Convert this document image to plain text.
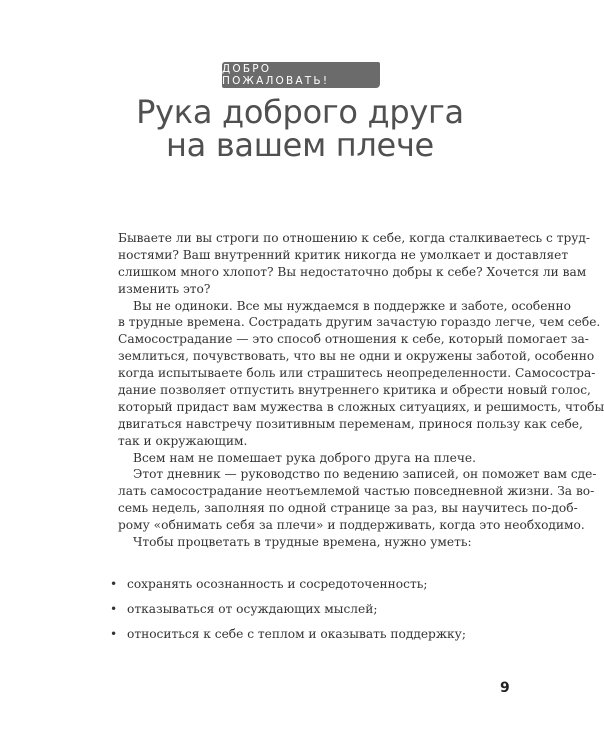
ДОБРО ПОЖАЛОВАТЬ!
Рука доброго друга
на вашем плече
Бываете ли вы строги по отношению к себе, когда сталкиваетесь с труд-
ностями? Ваш внутренний критик никогда не умолкает и доставляет
слишком много хлопот? Вы недостаточно добры к себе? Хочется ли вам
изменить это?
Вы не одиноки. Все мы нуждаемся в поддержке и заботе, особенно
в трудные времена. Сострадать другим зачастую гораздо легче, чем себе.
Самосострадание — это способ отношения к себе, который помогает за-
землиться, почувствовать, что вы не одни и окружены заботой, особенно
когда испытываете боль или страшитесь неопределенности. Самосостра-
дание позволяет отпустить внутреннего критика и обрести новый голос,
который придаст вам мужества в сложных ситуациях, и решимость, чтобы
двигаться навстречу позитивным переменам, принося пользу как себе,
так и окружающим.
Всем нам не помешает рука доброго друга на плече.
Этот дневник — руководство по ведению записей, он поможет вам сде-
лать самосострадание неотъемлемой частью повседневной жизни. За во-
семь недель, заполняя по одной странице за раз, вы научитесь по-доб-
рому «обнимать себя за плечи» и поддерживать, когда это необходимо.
Чтобы процветать в трудные времена, нужно уметь:
• сохранять осознанность и сосредоточенность;
• отказываться от осуждающих мыслей;
• относиться к себе с теплом и оказывать поддержку;
9
